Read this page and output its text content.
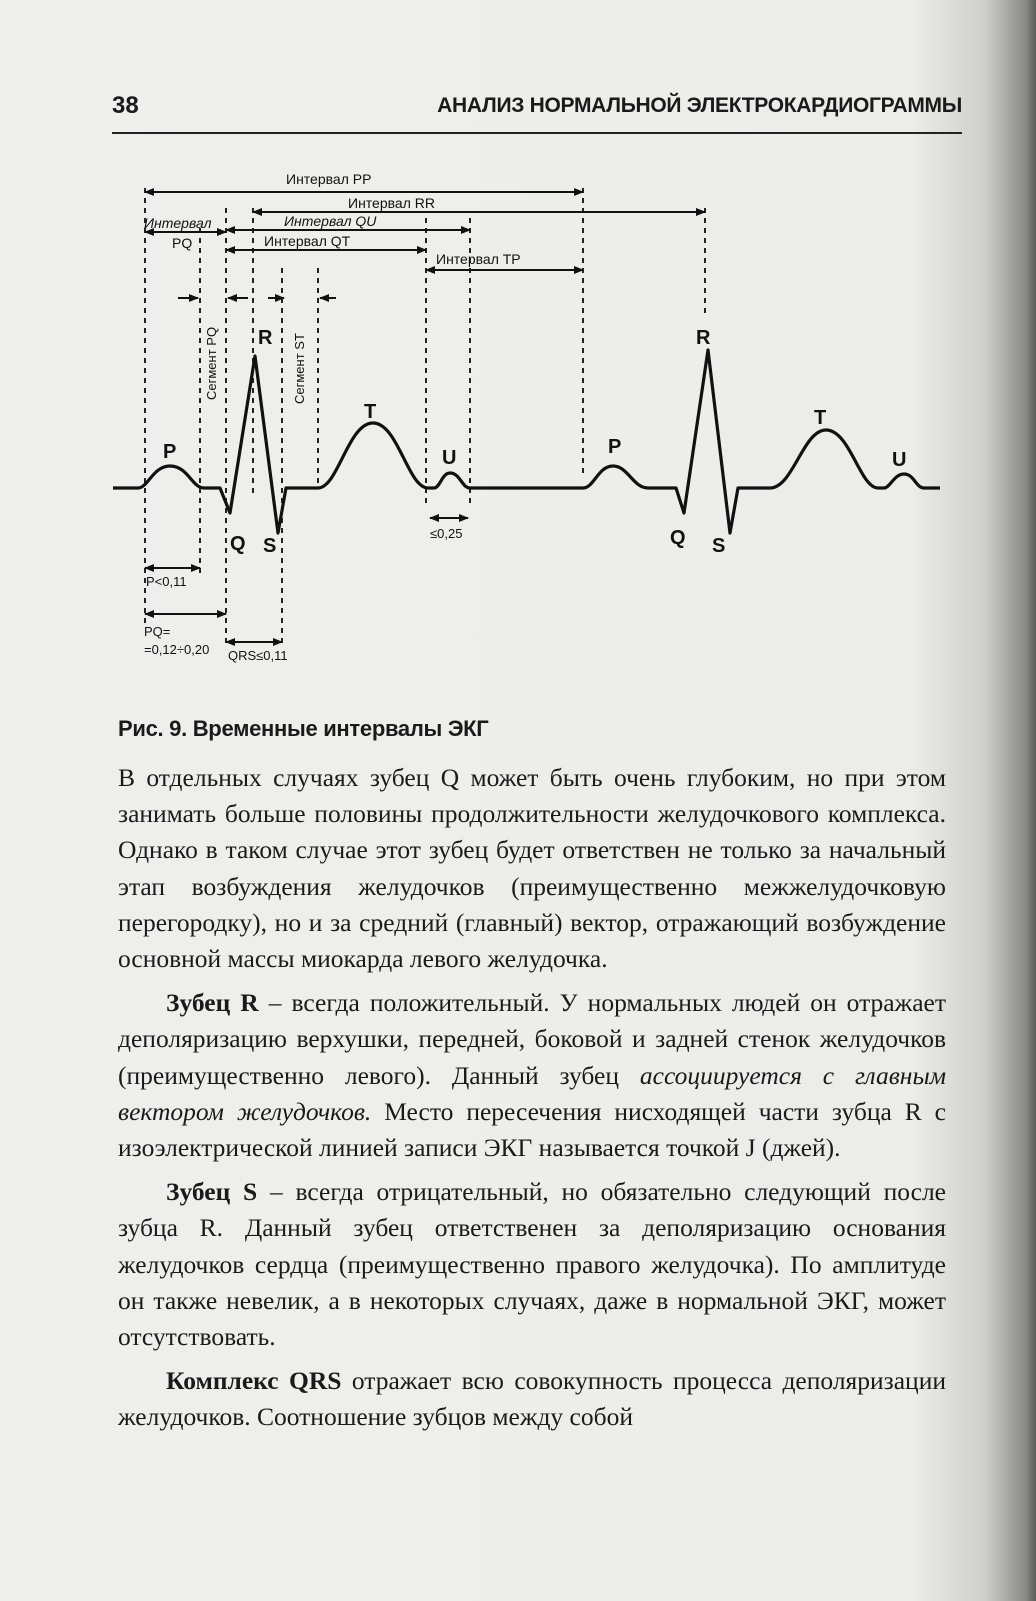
38	АНАЛИЗ НОРМАЛЬНОЙ ЭЛЕКТРОКАРДИОГРАММЫ
Интервал PP
Интервал RR
Интервал QU
Интервал
PQ	Интервал QT
Интервал TP
Сегмент PQ	Сегмент ST
P
Q
R
S
T
U	P
Q
R
S
T
U
≤0,25
P<0,11
PQ=
=0,12÷0,20 QRS≤0,11
Рис. 9. Временные интервалы ЭКГ

В отдельных случаях зубец Q может быть очень глубоким, но при этом занимать больше половины продолжительности желудочкового комплекса. Однако в таком случае этот зубец будет ответствен не только за начальный этап возбуждения желудочков (преимущественно межжелудочковую перегородку), но и за средний (главный) вектор, отражающий возбуждение основной массы миокарда левого желудочка.

Зубец R – всегда положительный. У нормальных людей он отражает деполяризацию верхушки, передней, боковой и задней стенок желудочков (преимущественно левого). Данный зубец ассоциируется с главным вектором желудочков. Место пересечения нисходящей части зубца R с изоэлектрической линией записи ЭКГ называется точкой J (джей).

Зубец S – всегда отрицательный, но обязательно следующий после зубца R. Данный зубец ответственен за деполяризацию основания желудочков сердца (преимущественно правого желудочка). По амплитуде он также невелик, а в некоторых случаях, даже в нормальной ЭКГ, может отсутствовать.

Комплекс QRS отражает всю совокупность процесса деполяризации желудочков. Соотношение зубцов между собой
